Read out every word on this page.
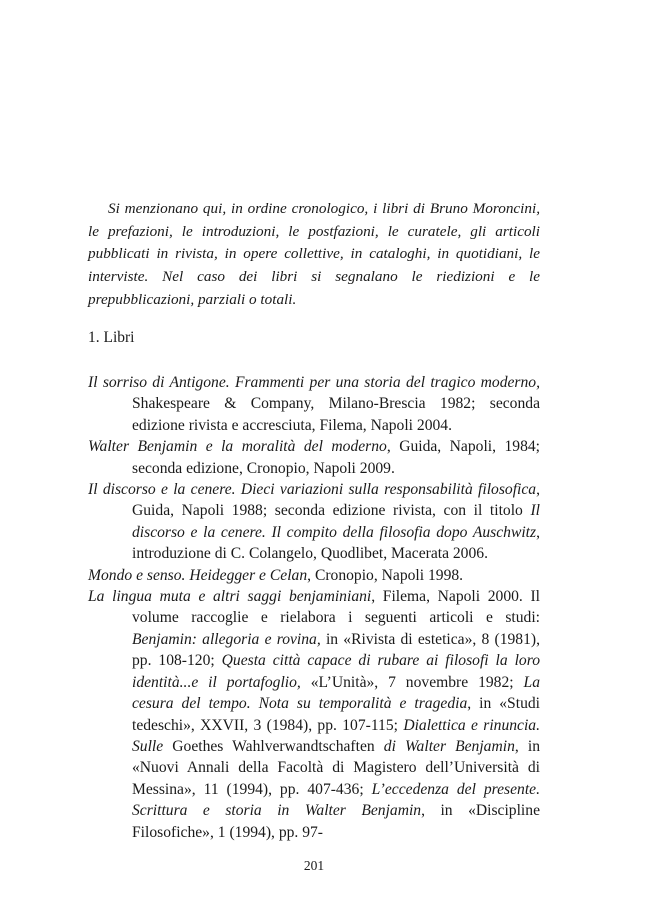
Si menzionano qui, in ordine cronologico, i libri di Bruno Moroncini, le prefazioni, le introduzioni, le postfazioni, le curatele, gli articoli pubblicati in rivista, in opere collettive, in cataloghi, in quotidiani, le interviste. Nel caso dei libri si segnalano le riedizioni e le prepubblicazioni, parziali o totali.

1. Libri

Il sorriso di Antigone. Frammenti per una storia del tragico moderno, Shakespeare & Company, Milano-Brescia 1982; seconda edizione rivista e accresciuta, Filema, Napoli 2004.

Walter Benjamin e la moralità del moderno, Guida, Napoli, 1984; seconda edizione, Cronopio, Napoli 2009.

Il discorso e la cenere. Dieci variazioni sulla responsabilità filosofica, Guida, Napoli 1988; seconda edizione rivista, con il titolo Il discorso e la cenere. Il compito della filosofia dopo Auschwitz, introduzione di C. Colangelo, Quodlibet, Macerata 2006.

Mondo e senso. Heidegger e Celan, Cronopio, Napoli 1998.

La lingua muta e altri saggi benjaminiani, Filema, Napoli 2000. Il volume raccoglie e rielabora i seguenti articoli e studi: Benjamin: allegoria e rovina, in «Rivista di estetica», 8 (1981), pp. 108-120; Questa città capace di rubare ai filosofi la loro identità...e il portafoglio, «L’Unità», 7 novembre 1982; La cesura del tempo. Nota su temporalità e tragedia, in «Studi tedeschi», XXVII, 3 (1984), pp. 107-115; Dialettica e rinuncia. Sulle Goethes Wahlverwandtschaften di Walter Benjamin, in «Nuovi Annali della Facoltà di Magistero dell’Università di Messina», 11 (1994), pp. 407-436; L’eccedenza del presente. Scrittura e storia in Walter Benjamin, in «Discipline Filosofiche», 1 (1994), pp. 97-

201
